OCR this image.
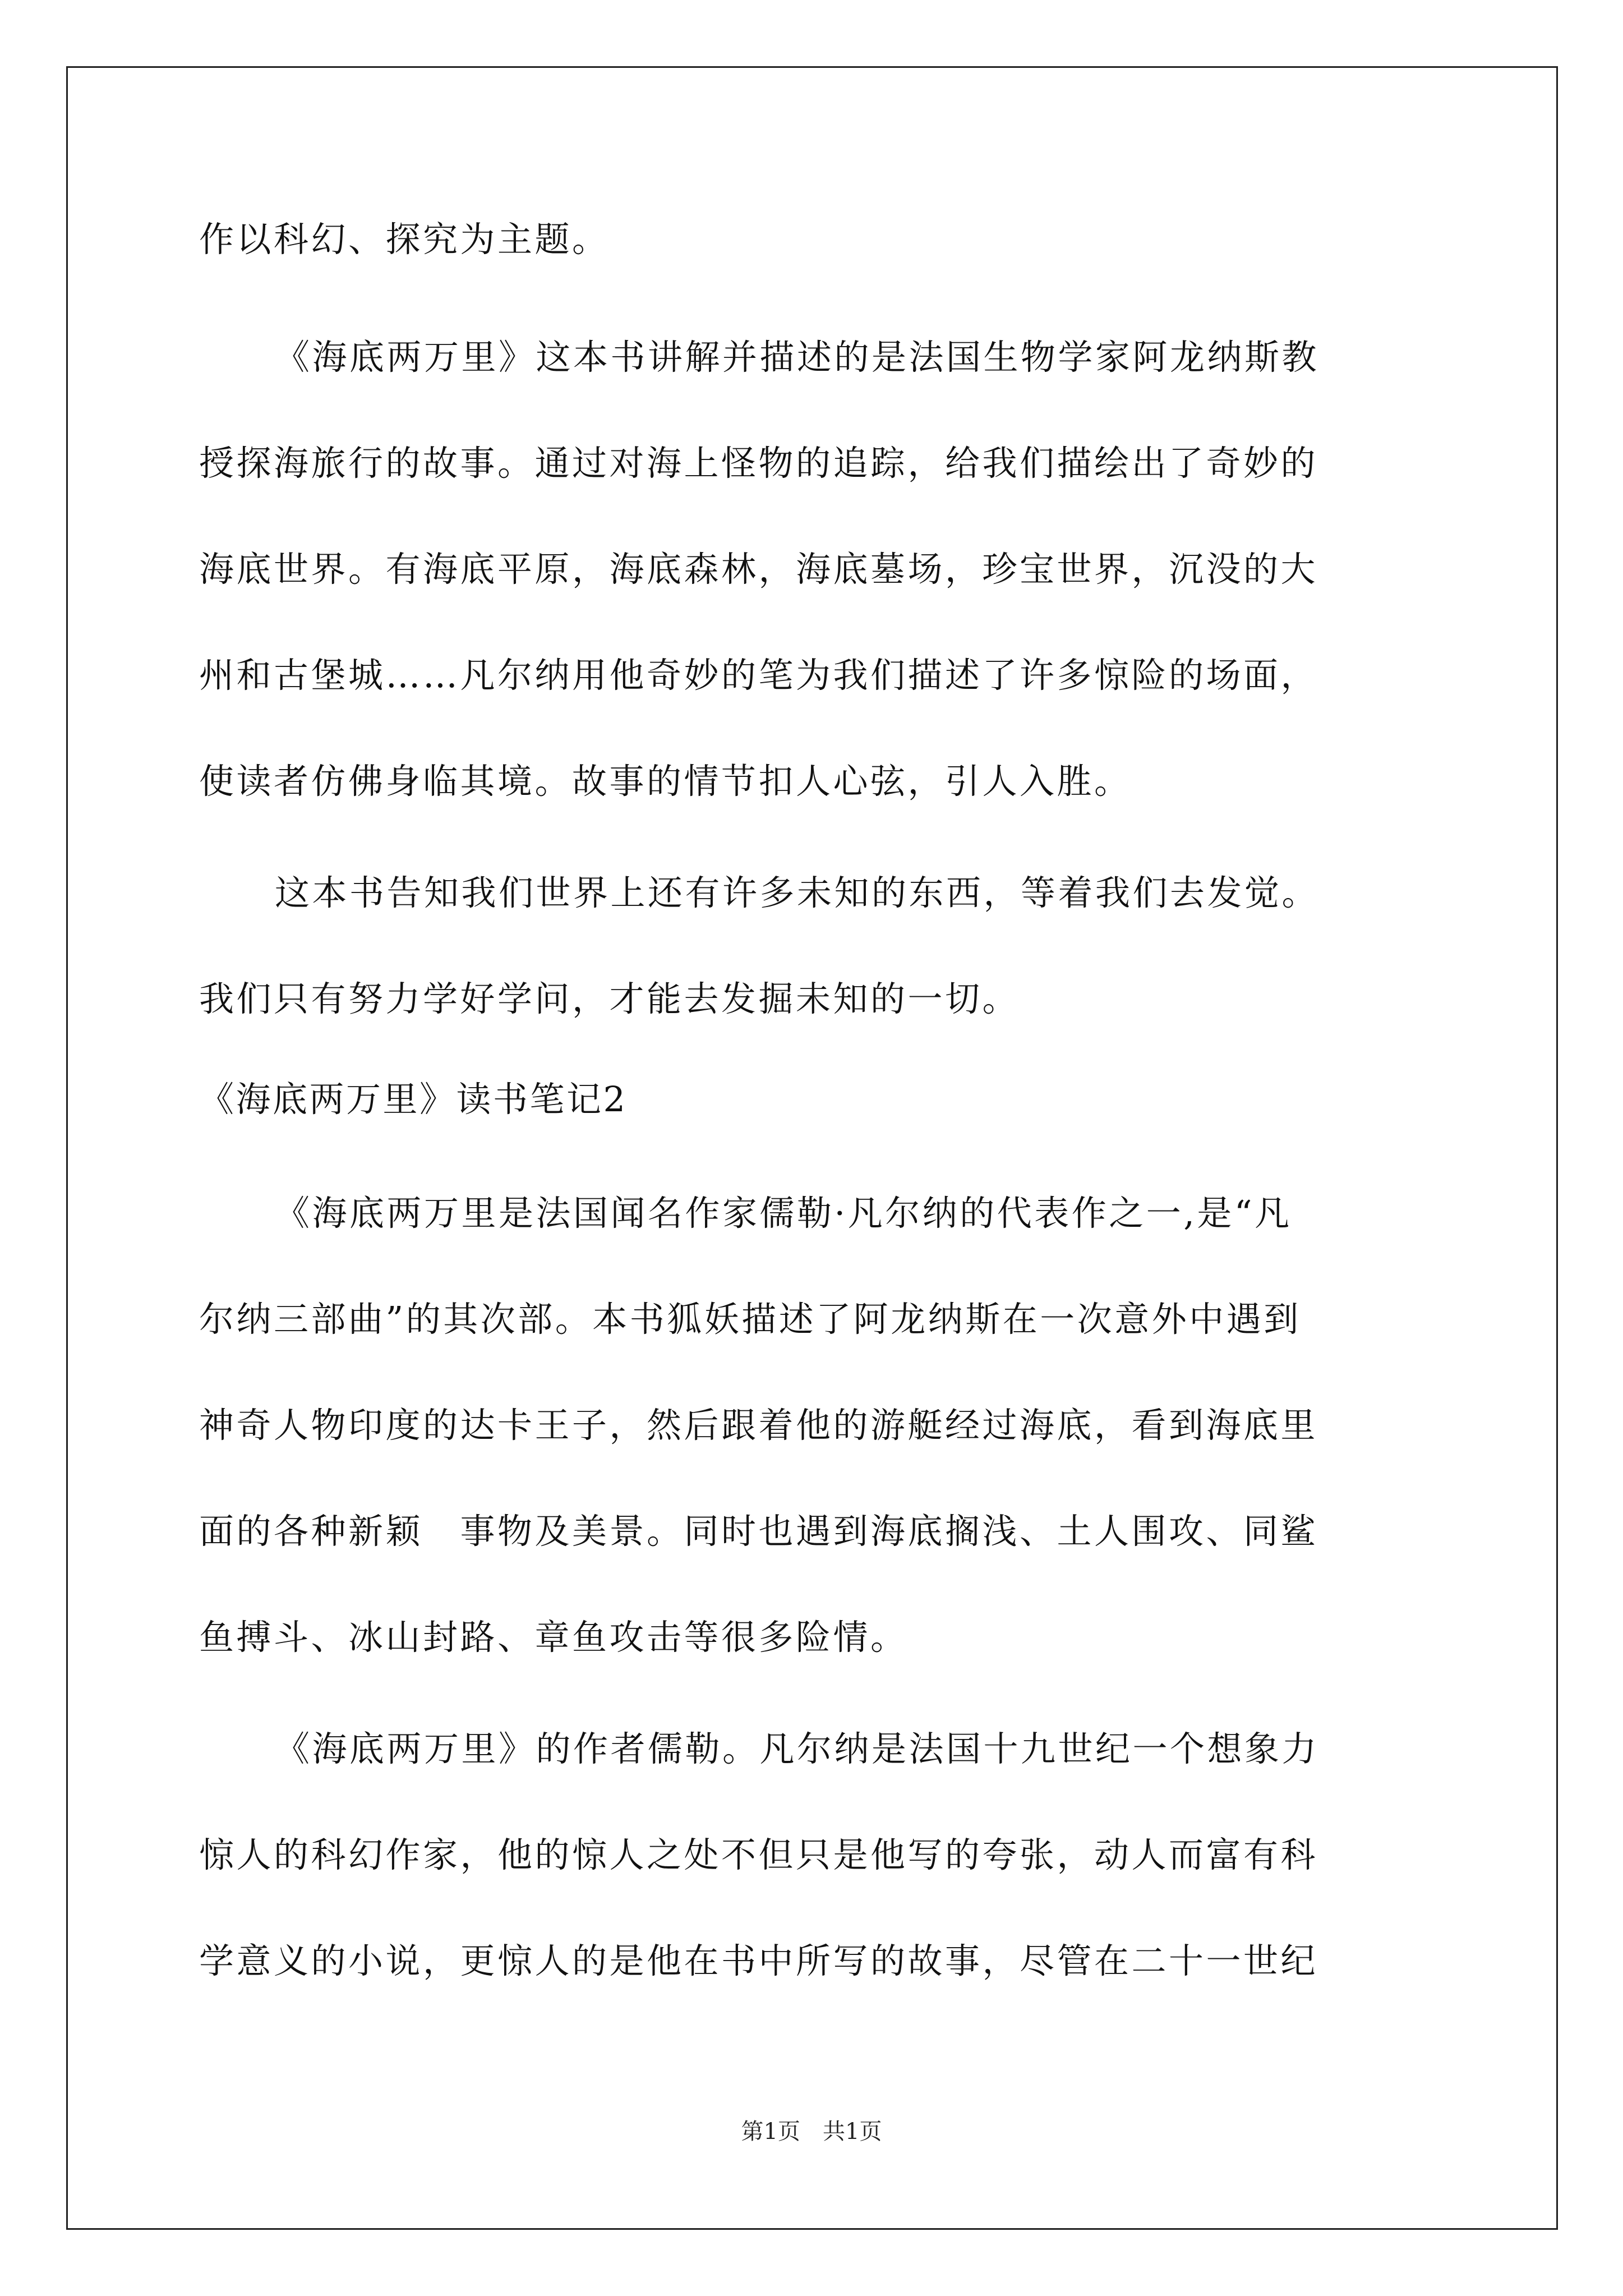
作以科幻、探究为主题。
《海底两万里》这本书讲解并描述的是法国生物学家阿龙纳斯教
授探海旅行的故事。通过对海上怪物的追踪，给我们描绘出了奇妙的
海底世界。有海底平原，海底森林，海底墓场，珍宝世界，沉没的大
州和古堡城……凡尔纳用他奇妙的笔为我们描述了许多惊险的场面，
使读者仿佛身临其境。故事的情节扣人心弦，引人入胜。
这本书告知我们世界上还有许多未知的东西，等着我们去发觉。
我们只有努力学好学问，才能去发掘未知的一切。
《海底两万里》读书笔记2
《海底两万里是法国闻名作家儒勒·凡尔纳的代表作之一,是“凡
尔纳三部曲”的其次部。本书狐妖描述了阿龙纳斯在一次意外中遇到
神奇人物印度的达卡王子，然后跟着他的游艇经过海底，看到海底里
面的各种新颖　事物及美景。同时也遇到海底搁浅、土人围攻、同鲨
鱼搏斗、冰山封路、章鱼攻击等很多险情。
《海底两万里》的作者儒勒。凡尔纳是法国十九世纪一个想象力
惊人的科幻作家，他的惊人之处不但只是他写的夸张，动人而富有科
学意义的小说，更惊人的是他在书中所写的故事，尽管在二十一世纪
第1页　共1页
